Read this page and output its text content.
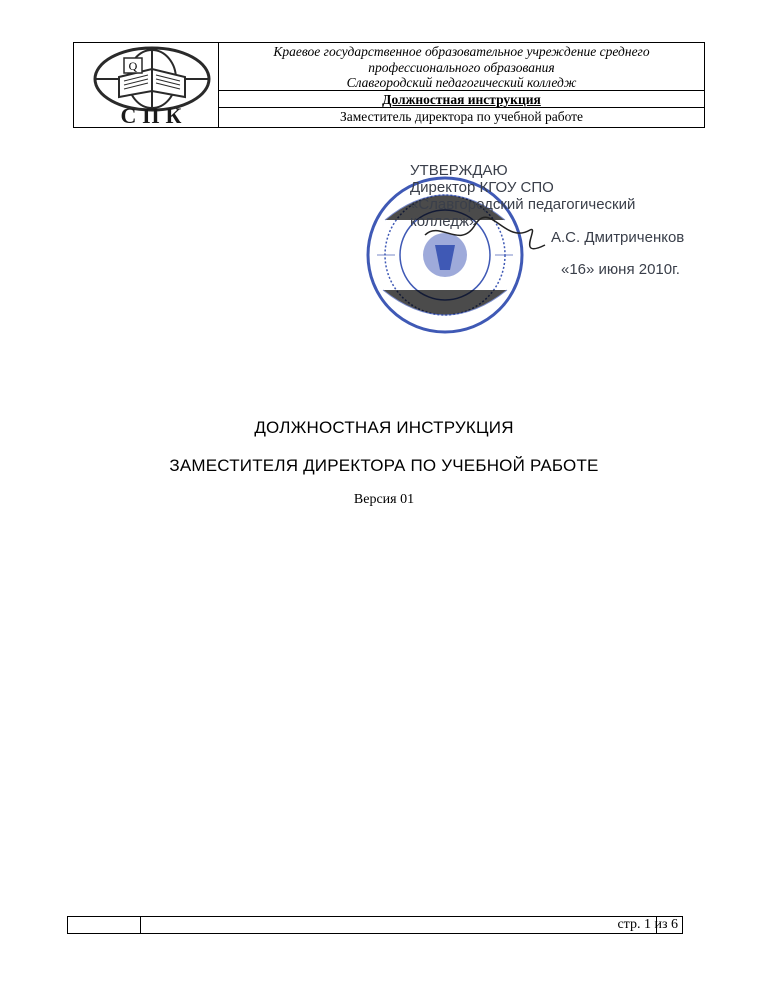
Q
СПК
Краевое государственное образовательное учреждение среднего
профессионального образования
Славгородский педагогический колледж
Должностная инструкция
Заместитель директора по учебной работе
УТВЕРЖДАЮ
Директор КГОУ СПО
«Славгородский педагогический
колледж»
А.С. Дмитриченков
«16» июня 2010г.
ДОЛЖНОСТНАЯ ИНСТРУКЦИЯ
ЗАМЕСТИТЕЛЯ ДИРЕКТОРА ПО УЧЕБНОЙ РАБОТЕ
Версия 01
стр. 1 из 6
